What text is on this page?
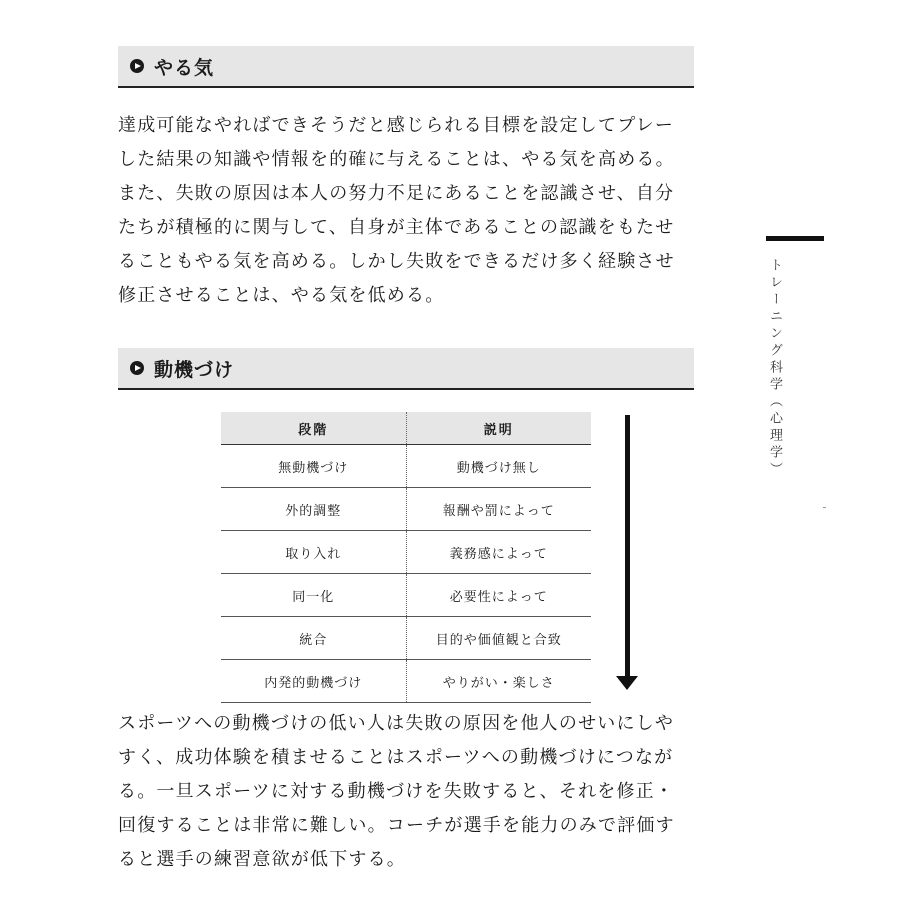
やる気
達成可能なやればできそうだと感じられる目標を設定してプレー
した結果の知識や情報を的確に与えることは、やる気を高める。
また、失敗の原因は本人の努力不足にあることを認識させ、自分
たちが積極的に関与して、自身が主体であることの認識をもたせ
ることもやる気を高める。しかし失敗をできるだけ多く経験させ
修正させることは、やる気を低める。
動機づけ
段階	説明
無動機づけ	動機づけ無し
外的調整	報酬や罰によって
取り入れ	義務感によって
同一化	必要性によって
統合	目的や価値観と合致
内発的動機づけ	やりがい・楽しさ
スポーツへの動機づけの低い人は失敗の原因を他人のせいにしや
すく、成功体験を積ませることはスポーツへの動機づけにつなが
る。一旦スポーツに対する動機づけを失敗すると、それを修正・
回復することは非常に難しい。コーチが選手を能力のみで評価す
ると選手の練習意欲が低下する。
トレーニング科学（心理学）
